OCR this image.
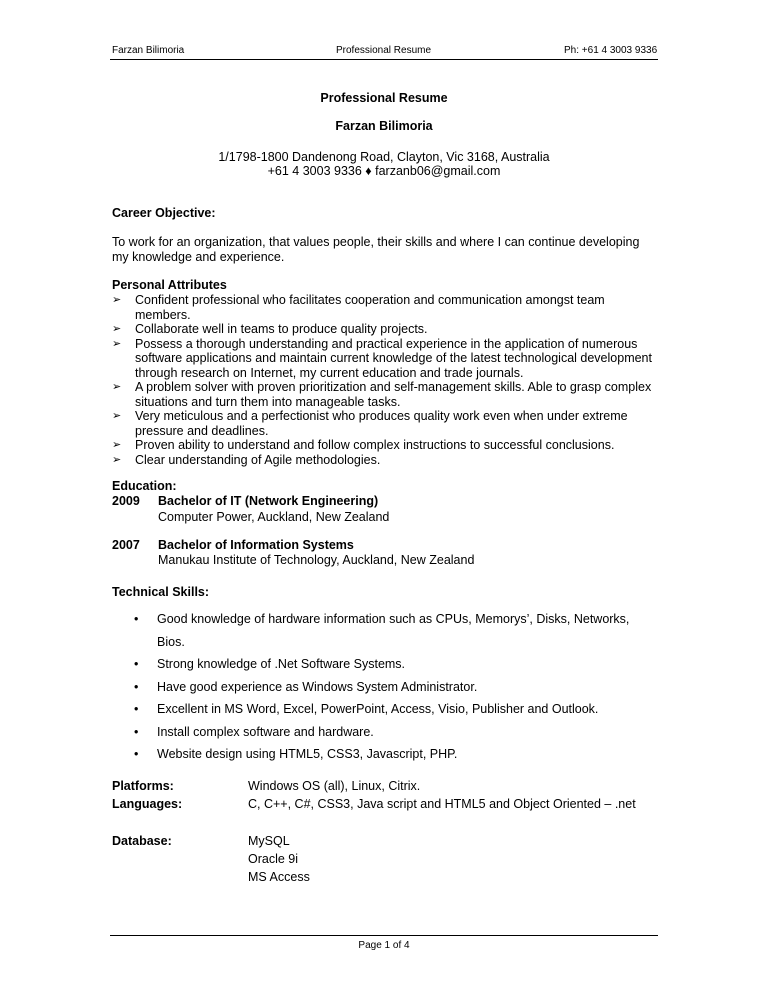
Farzan Bilimoria	Professional Resume	Ph: +61 4 3003 9336
Professional Resume
Farzan Bilimoria
1/1798-1800 Dandenong Road, Clayton, Vic 3168, Australia
+61 4 3003 9336 ♦ farzanb06@gmail.com
Career Objective:
To work for an organization, that values people, their skills and where I can continue developing
my knowledge and experience.
Personal Attributes
➢ Confident professional who facilitates cooperation and communication amongst team members.
➢ Collaborate well in teams to produce quality projects.
➢ Possess a thorough understanding and practical experience in the application of numerous software applications and maintain current knowledge of the latest technological development through research on Internet, my current education and trade journals.
➢ A problem solver with proven prioritization and self-management skills. Able to grasp complex situations and turn them into manageable tasks.
➢ Very meticulous and a perfectionist who produces quality work even when under extreme pressure and deadlines.
➢ Proven ability to understand and follow complex instructions to successful conclusions.
➢ Clear understanding of Agile methodologies.
Education:
2009 Bachelor of IT (Network Engineering)
Computer Power, Auckland, New Zealand
2007 Bachelor of Information Systems
Manukau Institute of Technology, Auckland, New Zealand
Technical Skills:
• Good knowledge of hardware information such as CPUs, Memorys’, Disks, Networks,
Bios.
• Strong knowledge of .Net Software Systems.
• Have good experience as Windows System Administrator.
• Excellent in MS Word, Excel, PowerPoint, Access, Visio, Publisher and Outlook.
• Install complex software and hardware.
• Website design using HTML5, CSS3, Javascript, PHP.
Platforms:	Windows OS (all), Linux, Citrix.
Languages:	C, C++, C#, CSS3, Java script and HTML5 and Object Oriented – .net
Database:	MySQL
Oracle 9i
MS Access
Page 1 of 4
